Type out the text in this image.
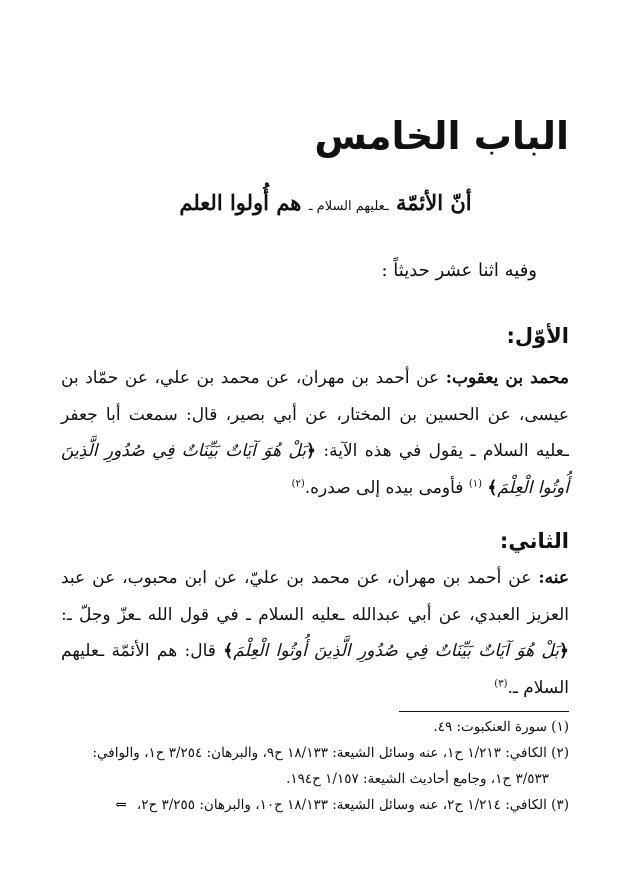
الباب الخامس
أنّ الأئمّة ـعليهم السلام ـ هم أُولوا العلم
وفيه اثنا عشر حديثاً :
الأوّل:
محمد بن يعقوب: عن أحمد بن مهران، عن محمد بن علي، عن حمّاد بن عيسى، عن الحسين بن المختار، عن أبي بصير، قال: سمعت أبا جعفر ـعليه السلام ـ يقول في هذه الآية: ﴿بَلْ هُوَ آيَاتٌ بَيِّنَاتٌ فِي صُدُورِ الَّذِينَ أُوتُوا الْعِلْمَ﴾ $^{(١)}$ فأومى بيده إلى صدره.$^{(٢)}$
الثاني:
عنه: عن أحمد بن مهران، عن محمد بن عليّ، عن ابن محبوب، عن عبد العزيز العبدي، عن أبي عبدالله ـعليه السلام ـ في قول الله ـعزّ وجلّ ـ: ﴿بَلْ هُوَ آيَاتٌ بَيِّنَاتٌ فِي صُدُورِ الَّذِينَ أُوتُوا الْعِلْمَ﴾ قال: هم الأئمّة ـعليهم السلام ـ.$^{(٣)}$

(١) سورة العنكبوت: ٤٩.

(٢) الكافي: ١/٢١٣ ح١، عنه وسائل الشيعة: ١٨/١٣٣ ح٩، والبرهان: ٣/٢٥٤ ح١، والوافي:
٣/٥٣٣ ح١، وجامع أحاديث الشيعة: ١/١٥٧ ح١٩٤.

(٣) الكافي: ١/٢١٤ ح٢، عنه وسائل الشيعة: ١٨/١٣٣ ح١٠، والبرهان: ٣/٢٥٥ ح٢،⇐
